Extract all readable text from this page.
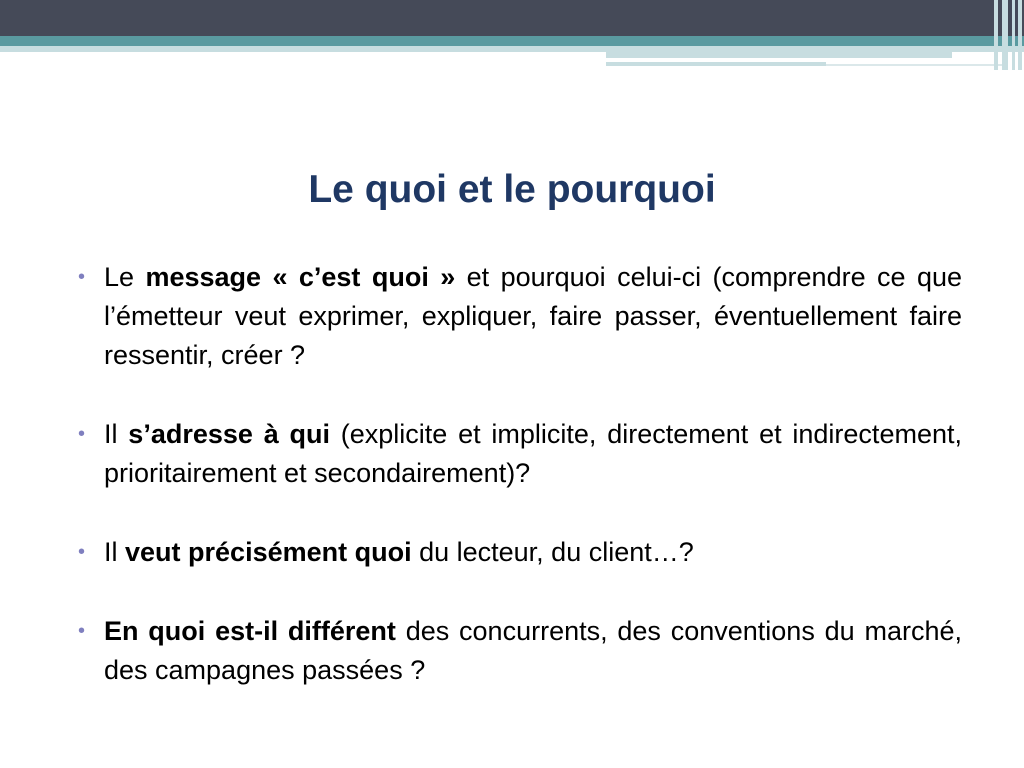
Le quoi et le pourquoi
• Le message « c’est quoi » et pourquoi celui-ci (comprendre ce que l’émetteur veut exprimer, expliquer, faire passer, éventuellement faire ressentir, créer ?
• Il s’adresse à qui (explicite et implicite, directement et indirectement, prioritairement et secondairement)?
• Il veut précisément quoi du lecteur, du client…?
• En quoi est-il différent des concurrents, des conventions du marché, des campagnes passées ?
